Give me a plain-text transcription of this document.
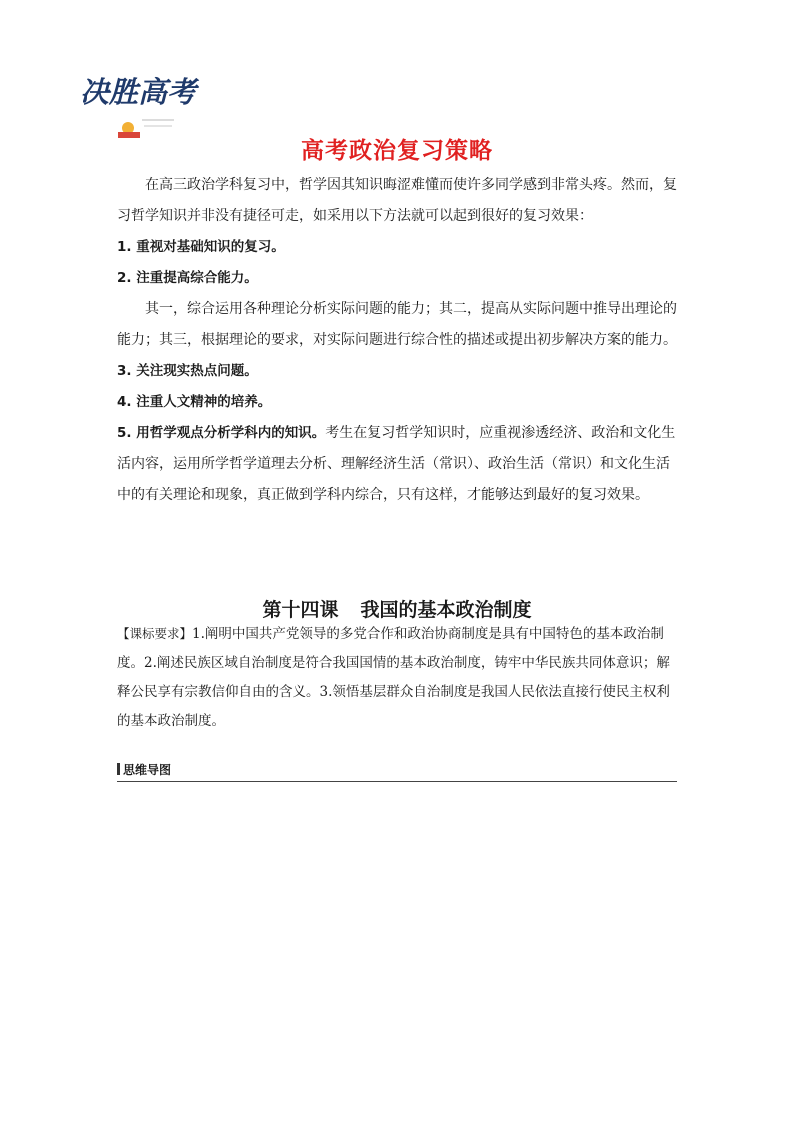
决胜高考
高考政治复习策略

在高三政治学科复习中，哲学因其知识晦涩难懂而使许多同学感到非常头疼。然而，复习哲学知识并非没有捷径可走，如采用以下方法就可以起到很好的复习效果：

1. 重视对基础知识的复习。

2. 注重提高综合能力。

其一，综合运用各种理论分析实际问题的能力；其二，提高从实际问题中推导出理论的能力；其三，根据理论的要求，对实际问题进行综合性的描述或提出初步解决方案的能力。

3. 关注现实热点问题。

4. 注重人文精神的培养。

5. 用哲学观点分析学科内的知识。考生在复习哲学知识时，应重视渗透经济、政治和文化生活内容，运用所学哲学道理去分析、理解经济生活（常识）、政治生活（常识）和文化生活中的有关理论和现象，真正做到学科内综合，只有这样，才能够达到最好的复习效果。

第十四课 我国的基本政治制度
【课标要求】1.阐明中国共产党领导的多党合作和政治协商制度是具有中国特色的基本政治制度。2.阐述民族区域自治制度是符合我国国情的基本政治制度，铸牢中华民族共同体意识；解释公民享有宗教信仰自由的含义。3.领悟基层群众自治制度是我国人民依法直接行使民主权利的基本政治制度。
思维导图
